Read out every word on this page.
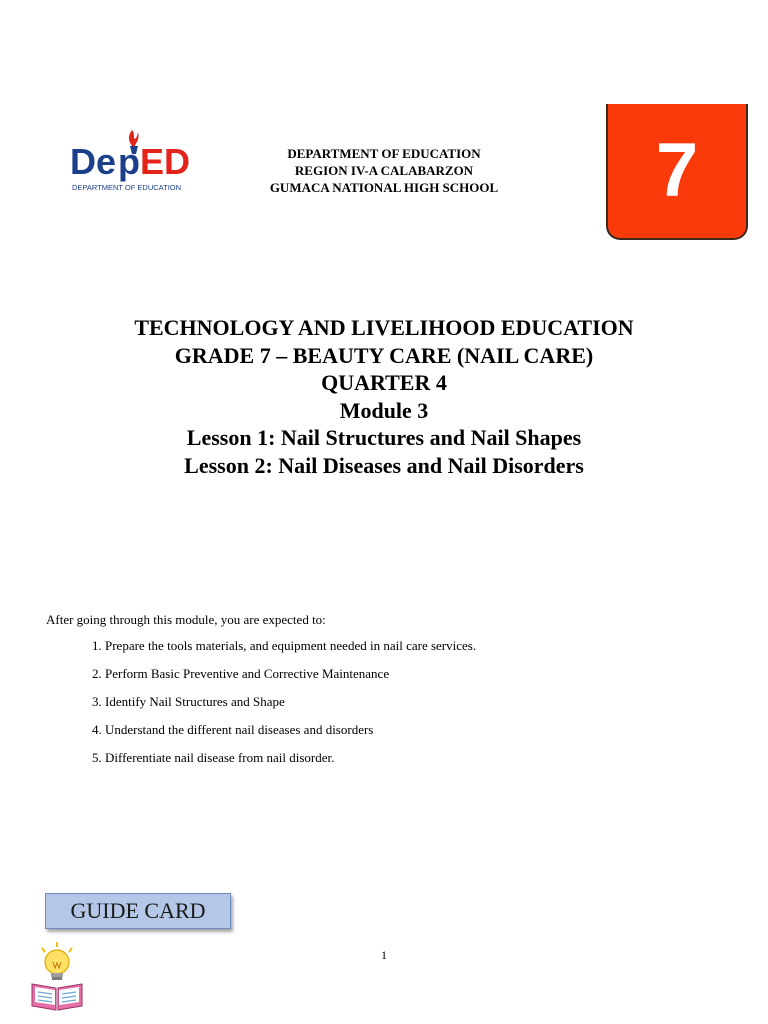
De p ED
DEPARTMENT OF EDUCATION
DEPARTMENT OF EDUCATION
REGION IV-A CALABARZON
GUMACA NATIONAL HIGH SCHOOL	7
TECHNOLOGY AND LIVELIHOOD EDUCATION
GRADE 7 – BEAUTY CARE (NAIL CARE)
QUARTER 4
Module 3
Lesson 1: Nail Structures and Nail Shapes
Lesson 2: Nail Diseases and Nail Disorders

After going through this module, you are expected to:

1. Prepare the tools materials, and equipment needed in nail care services.
2. Perform Basic Preventive and Corrective Maintenance
3. Identify Nail Structures and Shape
4. Understand the different nail diseases and disorders
5. Differentiate nail disease from nail disorder.
GUIDE CARD
1
